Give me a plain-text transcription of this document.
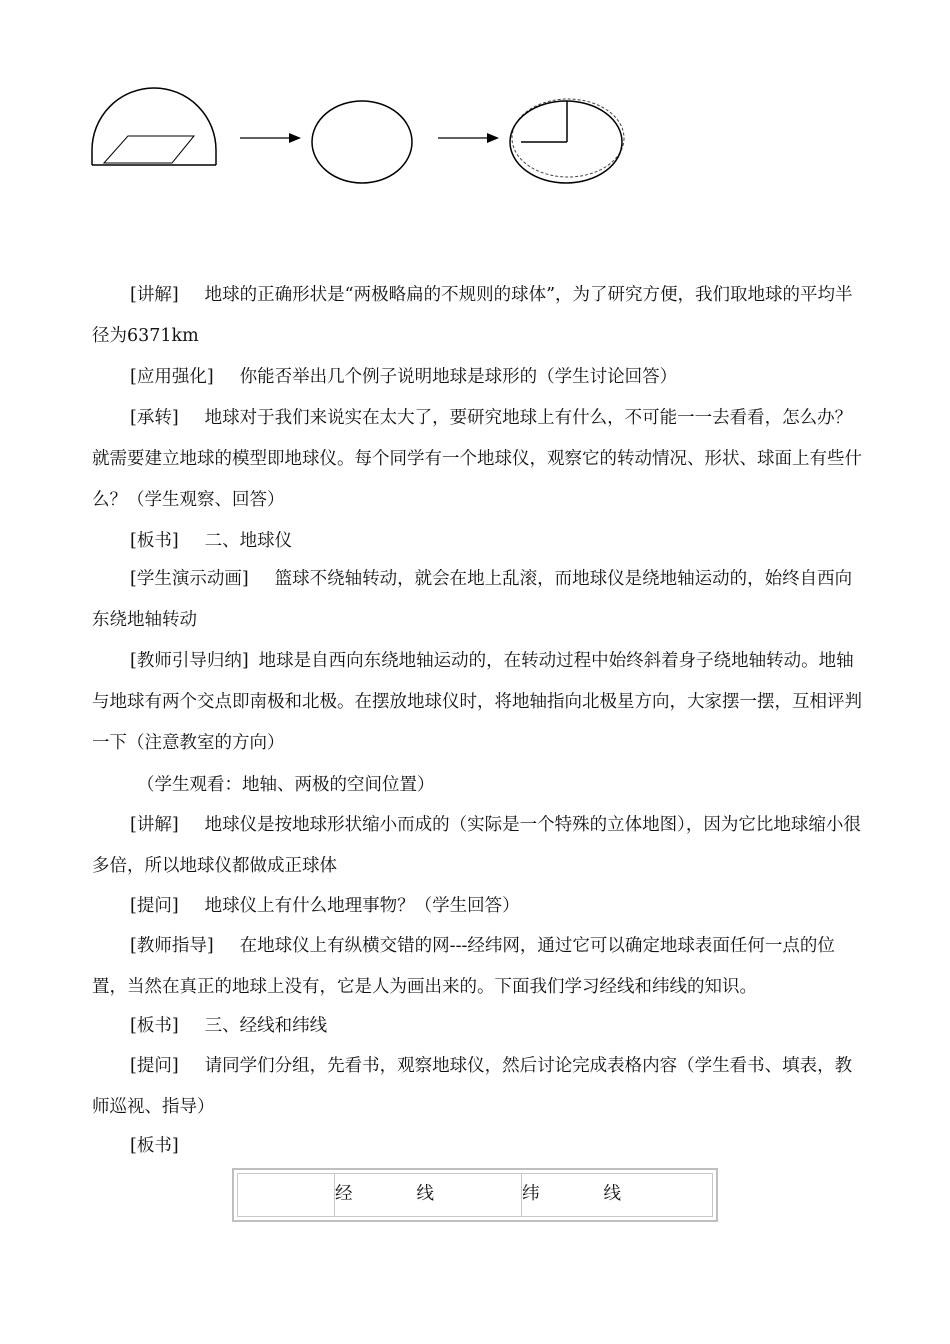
[讲解] 地球的正确形状是“两极略扁的不规则的球体”，为了研究方便，我们取地球的平均半径为6371km

[应用强化] 你能否举出几个例子说明地球是球形的（学生讨论回答）

[承转] 地球对于我们来说实在太大了，要研究地球上有什么，不可能一一去看看，怎么办？就需要建立地球的模型即地球仪。每个同学有一个地球仪，观察它的转动情况、形状、球面上有些什么？（学生观察、回答）

[板书] 二、地球仪

[学生演示动画] 篮球不绕轴转动，就会在地上乱滚，而地球仪是绕地轴运动的，始终自西向东绕地轴转动

[教师引导归纳] 地球是自西向东绕地轴运动的，在转动过程中始终斜着身子绕地轴转动。地轴与地球有两个交点即南极和北极。在摆放地球仪时，将地轴指向北极星方向，大家摆一摆，互相评判一下（注意教室的方向）

（学生观看：地轴、两极的空间位置）

[讲解] 地球仪是按地球形状缩小而成的（实际是一个特殊的立体地图），因为它比地球缩小很多倍，所以地球仪都做成正球体

[提问] 地球仪上有什么地理事物？（学生回答）

[教师指导] 在地球仪上有纵横交错的网---经纬网，通过它可以确定地球表面任何一点的位置，当然在真正的地球上没有，它是人为画出来的。下面我们学习经线和纬线的知识。

[板书] 三、经线和纬线

[提问] 请同学们分组，先看书，观察地球仪，然后讨论完成表格内容（学生看书、填表，教师巡视、指导）

[板书]

	经线	纬线
